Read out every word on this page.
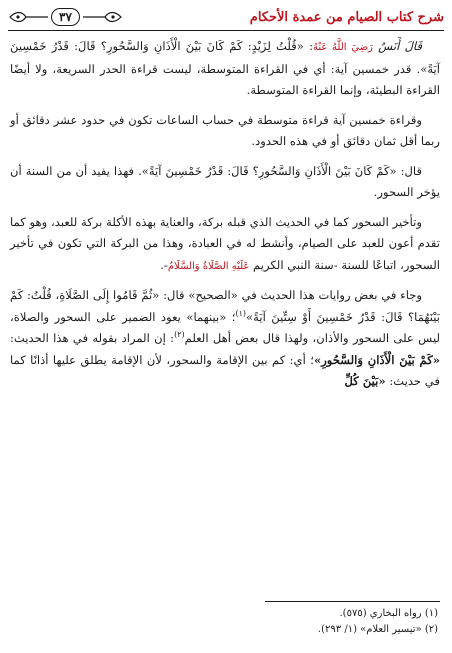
شرح كتاب الصيام من عمدة الأحكام
٣٧

قَالَ أَنَسٌ رَضِيَ اللَّهُ عَنْهُ: «قُلْتُ لِزَيْدٍ: كَمْ كَانَ بَيْنَ الْأَذَانِ وَالسَّحُورِ؟ قَالَ: قَدْرُ خَمْسِينَ آيَةً». قدر خمسين آية: أي في القراءة المتوسطة، ليست قراءة الحدر السريعة، ولا أيضًا القراءة البطيئة، وإنما القراءة المتوسطة.

وقراءة خمسين آية قراءة متوسطة في حساب الساعات تكون في حدود عشر دقائق أو ربما أقل ثمان دقائق أو في هذه الحدود.

قال: «كَمْ كَانَ بَيْنَ الْأَذَانِ وَالسَّحُورِ؟ قَالَ: قَدْرُ خَمْسِينَ آيَةً». فهذا يفيد أن من السنة أن يؤخر السحور.

وتأخير السحور كما في الحديث الذي قبله بركة، والعناية بهذه الأكلة بركة للعبد، وهو كما تقدم أعون للعبد على الصيام، وأنشط له في العبادة، وهذا من البركة التي تكون في تأخير السحور، اتباعًا للسنة -سنة النبي الكريم عَلَيْهِ الصَّلَاةُ وَالسَّلَامُ-.

وجاء في بعض روايات هذا الحديث في «الصحيح» قال: «ثُمَّ قَامُوا إِلَى الصَّلَاةِ، قُلْتُ: كَمْ بَيْنَهُمَا؟ قَالَ: قَدْرُ خَمْسِينَ أَوْ سِتِّينَ آيَةً»$^{(١)}$؛ «بينهما» يعود الضمير على السحور والصلاة، ليس على السحور والأذان، ولهذا قال بعض أهل العلم$^{(٢)}$: إن المراد بقوله في هذا الحديث: «كَمْ بَيْنَ الْأَذَانِ وَالسَّحُورِ»؛ أي: كم بين الإقامة والسحور، لأن الإقامة يطلق عليها أذانًا كما في حديث: «بَيْنَ كُلِّ

(١) رواه البخاري (٥٧٥).
(٢) «تيسير العلام» (١/ ٢٩٣).
